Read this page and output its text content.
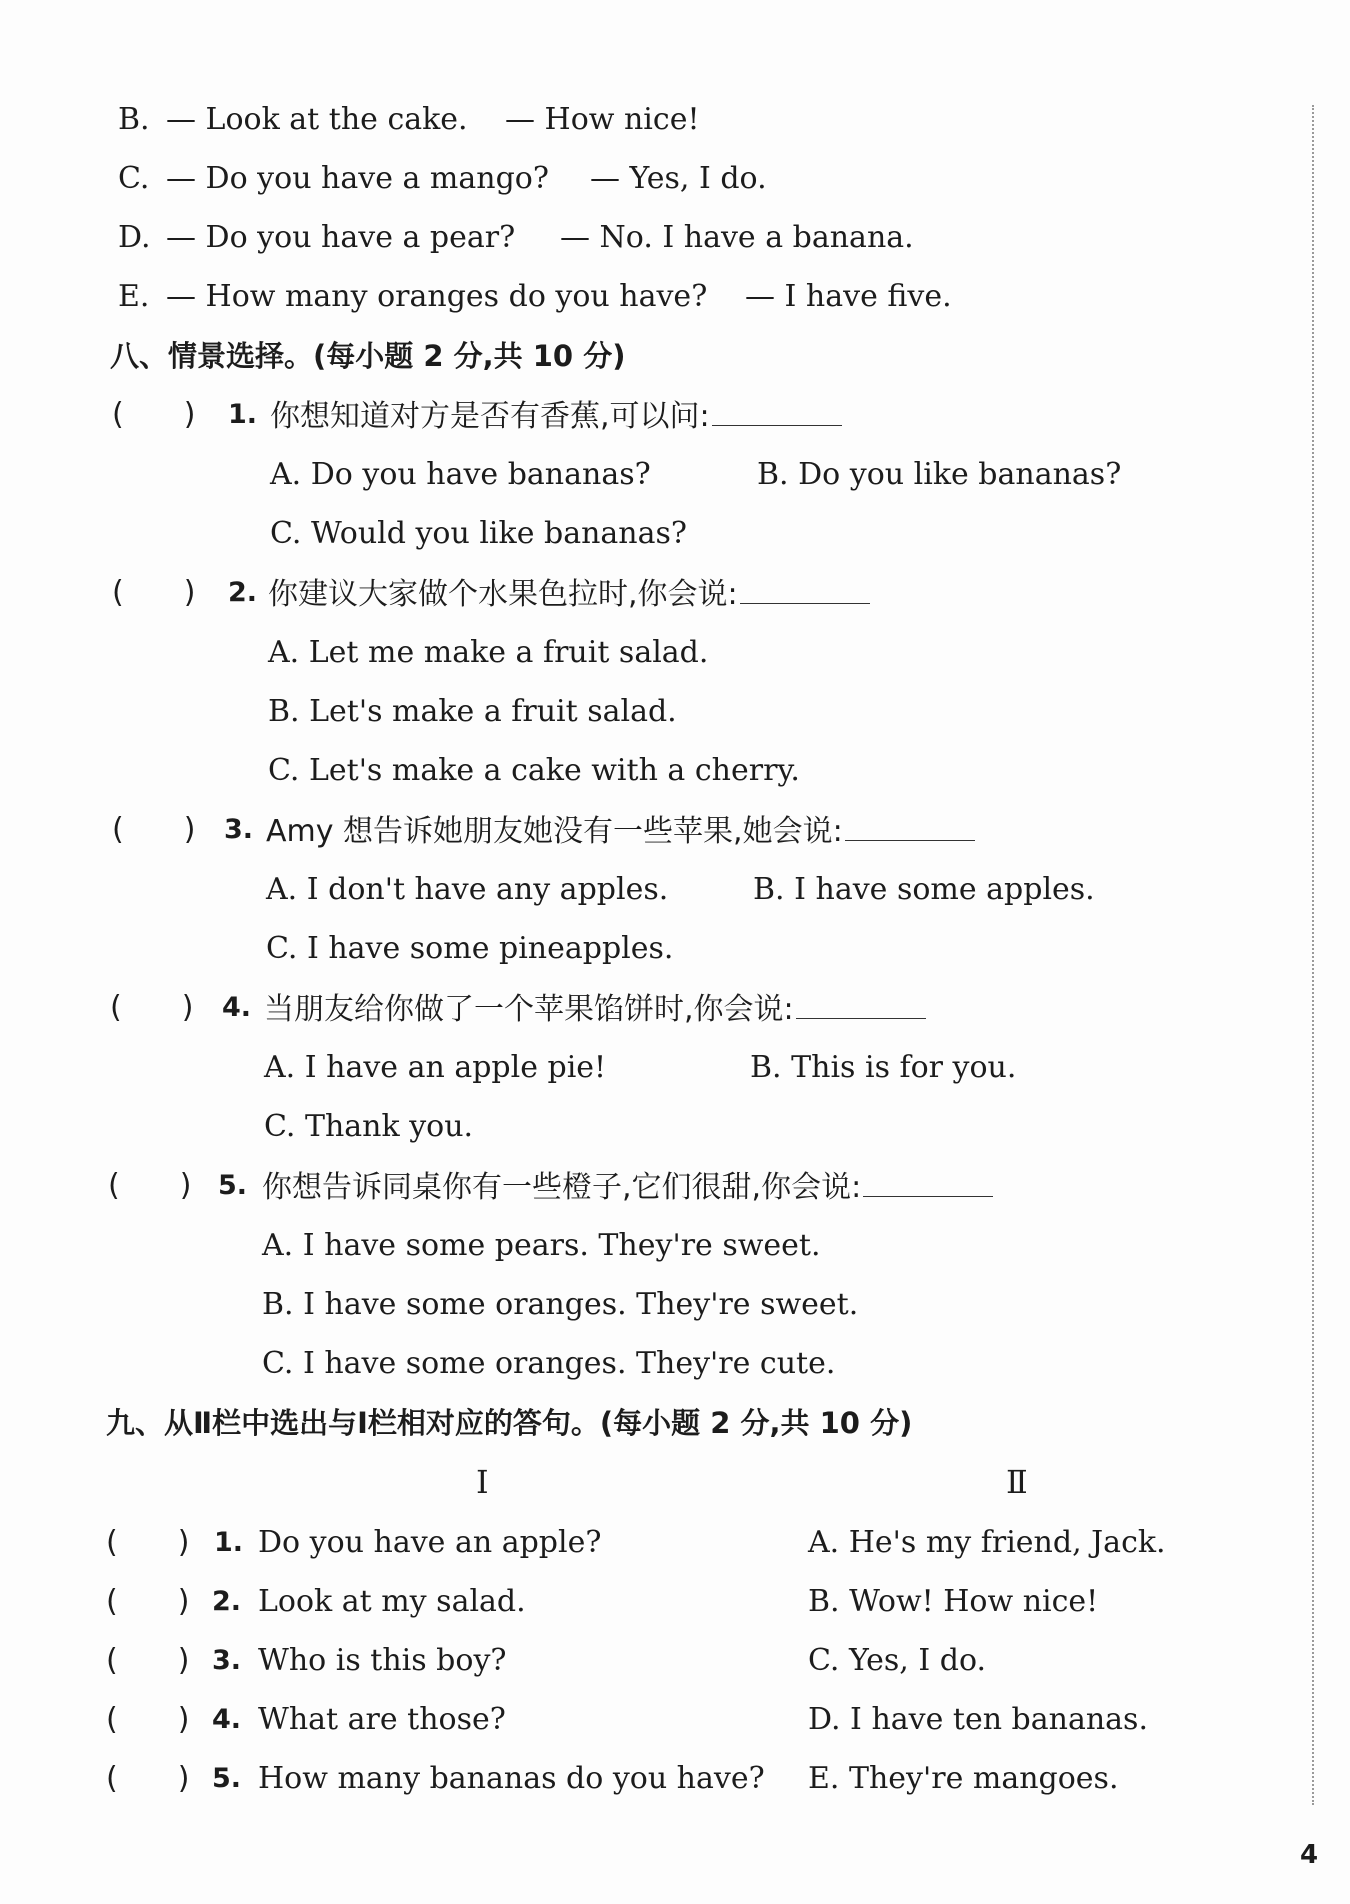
B. — Look at the cake. — How nice!
C. — Do you have a mango? — Yes, I do.
D. — Do you have a pear? — No. I have a banana.
E. — How many oranges do you have? — I have five.
八、情景选择。(每小题 2 分,共 10 分)
(　　) 1. 你想知道对方是否有香蕉,可以问:
A. Do you have bananas?	B. Do you like bananas?
C. Would you like bananas?
(　　) 2. 你建议大家做个水果色拉时,你会说:
A. Let me make a fruit salad.
B. Let's make a fruit salad.
C. Let's make a cake with a cherry.
(　　) 3. Amy 想告诉她朋友她没有一些苹果,她会说:
A. I don't have any apples.	B. I have some apples.
C. I have some pineapples.
(　　) 4. 当朋友给你做了一个苹果馅饼时,你会说:
A. I have an apple pie!	B. This is for you.
C. Thank you.
(　　) 5. 你想告诉同桌你有一些橙子,它们很甜,你会说:
A. I have some pears. They're sweet.
B. I have some oranges. They're sweet.
C. I have some oranges. They're cute.
九、从Ⅱ栏中选出与Ⅰ栏相对应的答句。(每小题 2 分,共 10 分)
Ⅰ	Ⅱ
(　　) 1. Do you have an apple?	A. He's my friend, Jack.
(　　) 2. Look at my salad.	B. Wow! How nice!
(　　) 3. Who is this boy?	C. Yes, I do.
(　　) 4. What are those?	D. I have ten bananas.
(　　) 5. How many bananas do you have? E. They're mangoes.
4
